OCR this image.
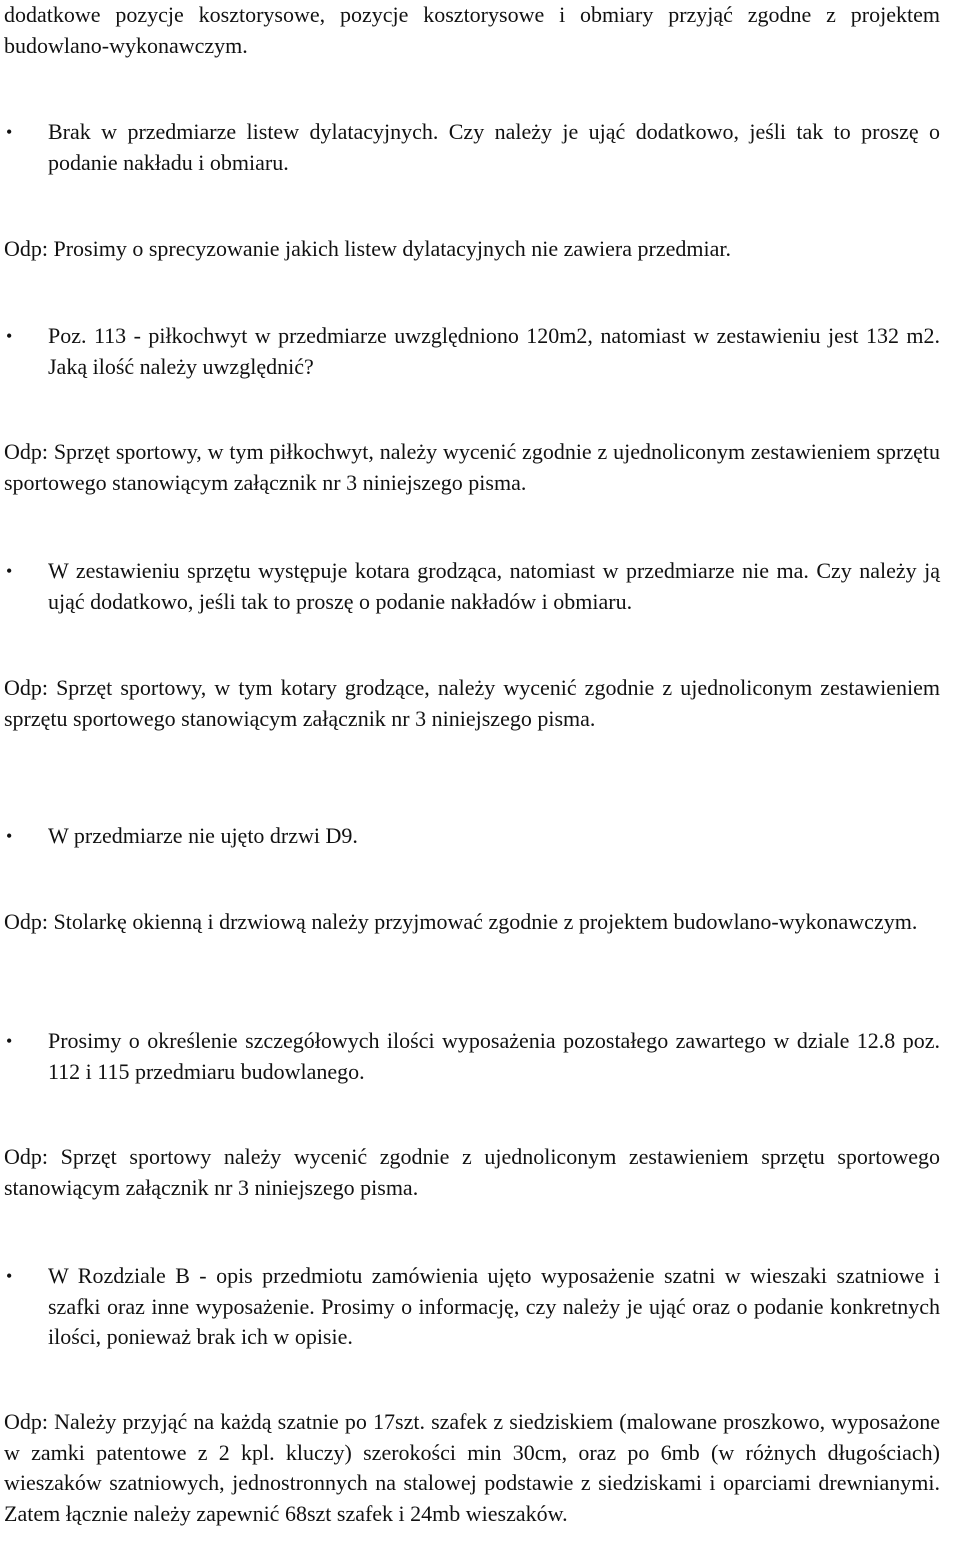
dodatkowe pozycje kosztorysowe, pozycje kosztorysowe i obmiary przyjąć zgodne z projektem budowlano-wykonawczym.

• Brak w przedmiarze listew dylatacyjnych. Czy należy je ująć dodatkowo, jeśli tak to proszę o podanie nakładu i obmiaru.

Odp: Prosimy o sprecyzowanie jakich listew dylatacyjnych nie zawiera przedmiar.

• Poz. 113 - piłkochwyt w przedmiarze uwzględniono 120m2, natomiast w zestawieniu jest 132 m2. Jaką ilość należy uwzględnić?

Odp: Sprzęt sportowy, w tym piłkochwyt, należy wycenić zgodnie z ujednoliconym zestawieniem sprzętu sportowego stanowiącym załącznik nr 3 niniejszego pisma.

• W zestawieniu sprzętu występuje kotara grodząca, natomiast w przedmiarze nie ma. Czy należy ją ująć dodatkowo, jeśli tak to proszę o podanie nakładów i obmiaru.

Odp: Sprzęt sportowy, w tym kotary grodzące, należy wycenić zgodnie z ujednoliconym zestawieniem sprzętu sportowego stanowiącym załącznik nr 3 niniejszego pisma.

• W przedmiarze nie ujęto drzwi D9.

Odp: Stolarkę okienną i drzwiową należy przyjmować zgodnie z projektem budowlano-wykonawczym.

• Prosimy o określenie szczegółowych ilości wyposażenia pozostałego zawartego w dziale 12.8 poz. 112 i 115 przedmiaru budowlanego.

Odp: Sprzęt sportowy należy wycenić zgodnie z ujednoliconym zestawieniem sprzętu sportowego stanowiącym załącznik nr 3 niniejszego pisma.

• W Rozdziale B - opis przedmiotu zamówienia ujęto wyposażenie szatni w wieszaki szatniowe i szafki oraz inne wyposażenie. Prosimy o informację, czy należy je ująć oraz o podanie konkretnych ilości, ponieważ brak ich w opisie.

Odp: Należy przyjąć na każdą szatnie po 17szt. szafek z siedziskiem (malowane proszkowo, wyposażone w zamki patentowe z 2 kpl. kluczy) szerokości min 30cm, oraz po 6mb (w różnych długościach) wieszaków szatniowych, jednostronnych na stalowej podstawie z siedziskami i oparciami drewnianymi. Zatem łącznie należy zapewnić 68szt szafek i 24mb wieszaków.
